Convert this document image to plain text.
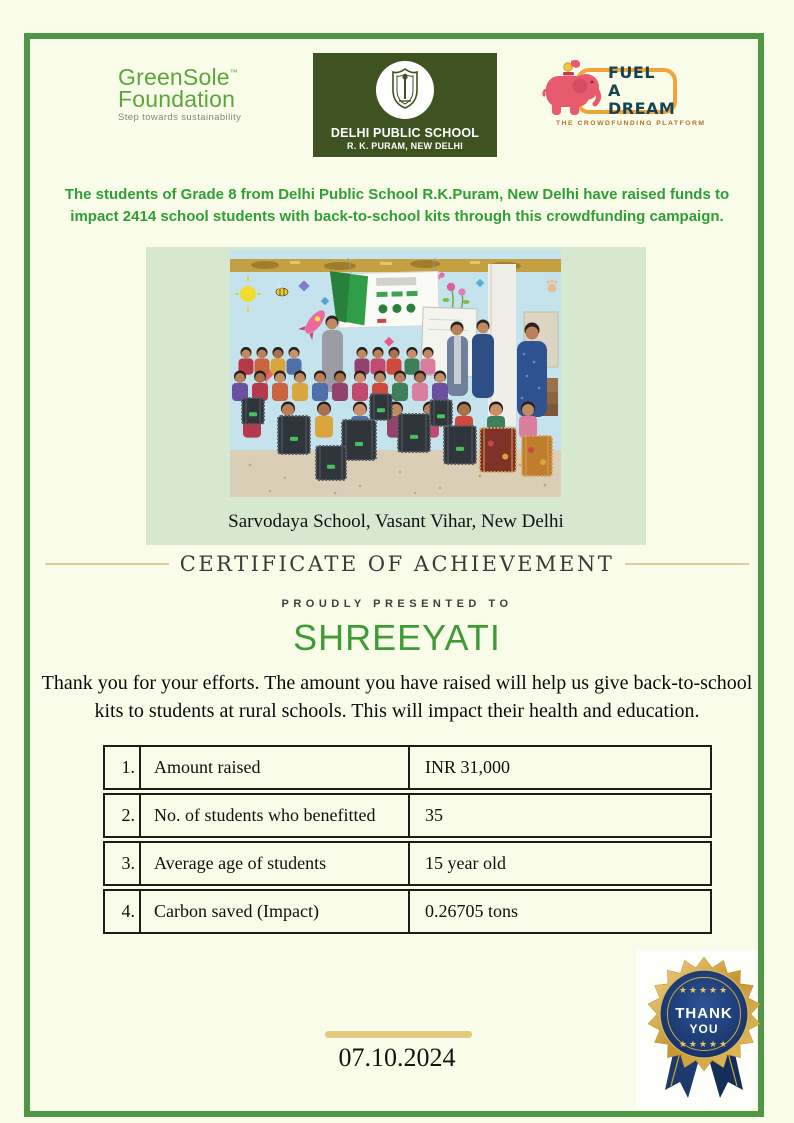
GreenSole™
Foundation
Step towards sustainability
DELHI PUBLIC SCHOOL
R. K. PURAM, NEW DELHI
FUEL A
DREAM
THE CROWDFUNDING PLATFORM
The students of Grade 8 from Delhi Public School R.K.Puram, New Delhi have raised funds to impact 2414 school students with back-to-school kits through this crowdfunding campaign.
Sarvodaya School, Vasant Vihar, New Delhi
CERTIFICATE OF ACHIEVEMENT
PROUDLY PRESENTED TO
SHREEYATI
Thank you for your efforts. The amount you have raised will help us give back-to-school kits to students at rural schools. This will impact their health and education.
1.	Amount raised	INR 31,000
2.	No. of students who benefitted	35
3.	Average age of students	15 year old
4.	Carbon saved (Impact)	0.26705 tons
07.10.2024
★★★★★
THANK
YOU
★★★★★
